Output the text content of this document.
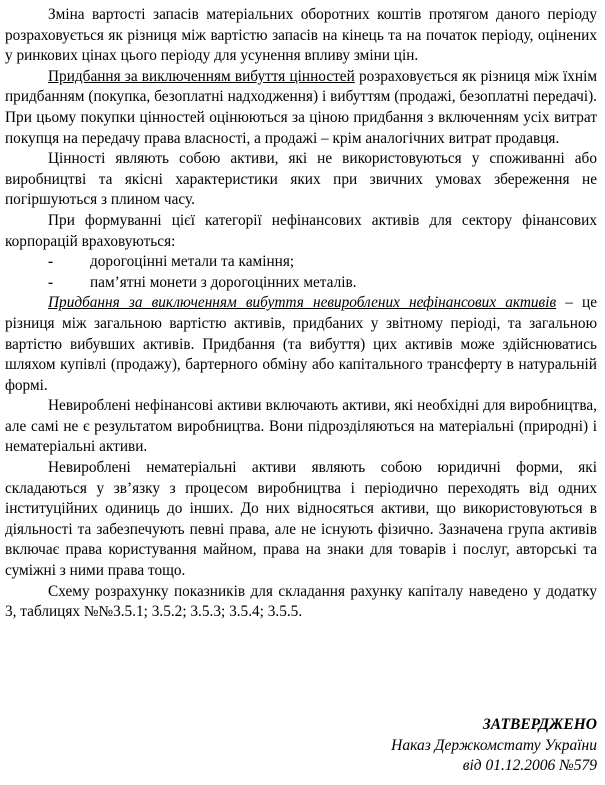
Зміна вартості запасів матеріальних оборотних коштів протягом даного періоду розраховується як різниця між вартістю запасів на кінець та на початок періоду, оцінених у ринкових цінах цього періоду для усунення впливу зміни цін.

Придбання за виключенням вибуття цінностей розраховується як різниця між їхнім придбанням (покупка, безоплатні надходження) і вибуттям (продажі, безоплатні передачі). При цьому покупки цінностей оцінюються за ціною придбання з включенням усіх витрат покупця на передачу права власності, а продажі – крім аналогічних витрат продавця.

Цінності являють собою активи, які не використовуються у споживанні або виробництві та якісні характеристики яких при звичних умовах збереження не погіршуються з плином часу.

При формуванні цієї категорії нефінансових активів для сектору фінансових корпорацій враховуються:

-	дорогоцінні метали та каміння;
-	пам’ятні монети з дорогоцінних металів.

Придбання за виключенням вибуття невироблених нефінансових активів – це різниця між загальною вартістю активів, придбаних у звітному періоді, та загальною вартістю вибувших активів. Придбання (та вибуття) цих активів може здійснюватись шляхом купівлі (продажу), бартерного обміну або капітального трансферту в натуральній формі.

Невироблені нефінансові активи включають активи, які необхідні для виробництва, але самі не є результатом виробництва. Вони підрозділяються на матеріальні (природні) і нематеріальні активи.

Невироблені нематеріальні активи являють собою юридичні форми, які складаються у зв’язку з процесом виробництва і періодично переходять від одних інституційних одиниць до інших. До них відносяться активи, що використовуються в діяльності та забезпечують певні права, але не існують фізично. Зазначена група активів включає права користування майном, права на знаки для товарів і послуг, авторські та суміжні з ними права тощо.

Схему розрахунку показників для складання рахунку капіталу наведено у додатку 3, таблицях №№3.5.1; 3.5.2; 3.5.3; 3.5.4; 3.5.5.

ЗАТВЕРДЖЕНО
Наказ Держкомстату України
від 01.12.2006 №579
